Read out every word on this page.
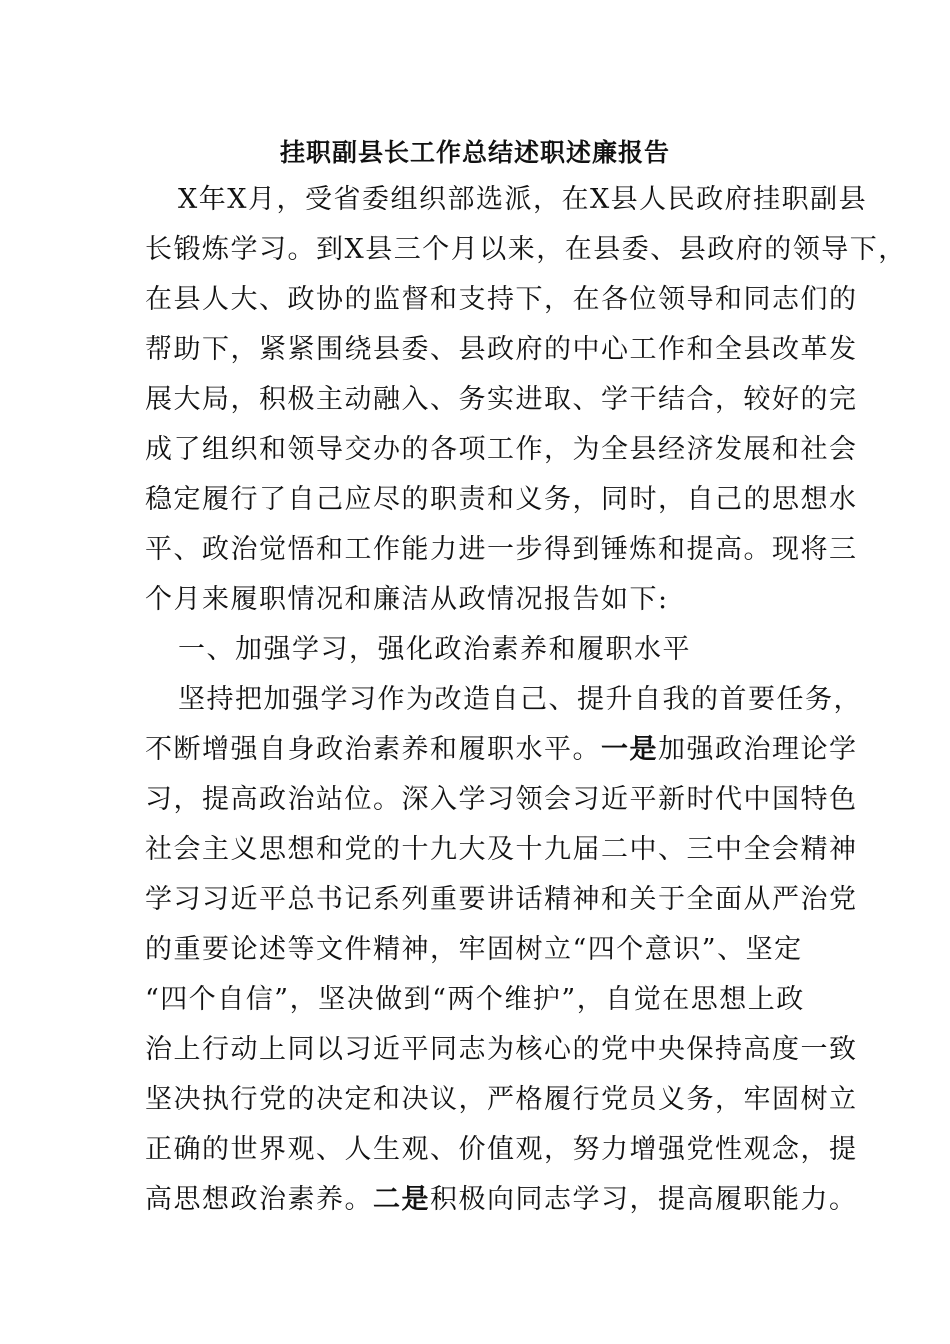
挂职副县长工作总结述职述廉报告
X年X月，受省委组织部选派，在X县人民政府挂职副县
长锻炼学习。到X县三个月以来，在县委、县政府的领导下，
在县人大、政协的监督和支持下，在各位领导和同志们的
帮助下，紧紧围绕县委、县政府的中心工作和全县改革发
展大局，积极主动融入、务实进取、学干结合，较好的完
成了组织和领导交办的各项工作，为全县经济发展和社会
稳定履行了自己应尽的职责和义务，同时，自己的思想水
平、政治觉悟和工作能力进一步得到锤炼和提高。现将三
个月来履职情况和廉洁从政情况报告如下:
一、加强学习，强化政治素养和履职水平
坚持把加强学习作为改造自己、提升自我的首要任务，
不断增强自身政治素养和履职水平。一是加强政治理论学
习，提高政治站位。深入学习领会习近平新时代中国特色
社会主义思想和党的十九大及十九届二中、三中全会精神
学习习近平总书记系列重要讲话精神和关于全面从严治党
的重要论述等文件精神，牢固树立“四个意识”、坚定
“四个自信”，坚决做到“两个维护”，自觉在思想上政
治上行动上同以习近平同志为核心的党中央保持高度一致
坚决执行党的决定和决议，严格履行党员义务，牢固树立
正确的世界观、人生观、价值观，努力增强党性观念，提
高思想政治素养。二是积极向同志学习，提高履职能力。
